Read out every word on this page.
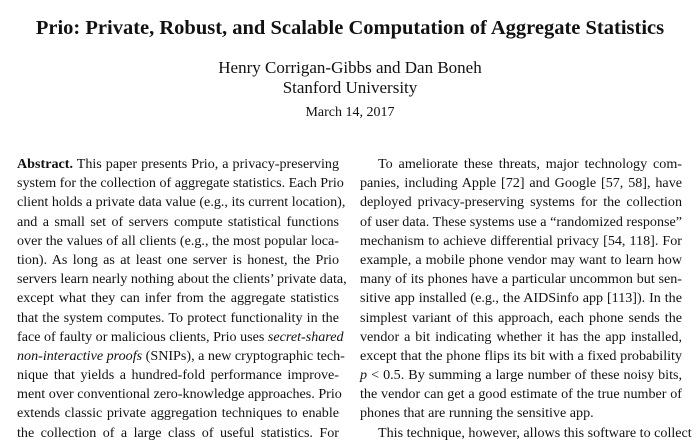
Prio: Private, Robust, and Scalable Computation of Aggregate Statistics
Henry Corrigan-Gibbs and Dan Boneh
Stanford University
March 14, 2017
Abstract. This paper presents Prio, a privacy-preserving
system for the collection of aggregate statistics. Each Prio
client holds a private data value (e.g., its current location),
and a small set of servers compute statistical functions
over the values of all clients (e.g., the most popular loca-
tion). As long as at least one server is honest, the Prio
servers learn nearly nothing about the clients’ private data,
except what they can infer from the aggregate statistics
that the system computes. To protect functionality in the
face of faulty or malicious clients, Prio uses secret-shared
non-interactive proofs (SNIPs), a new cryptographic tech-
nique that yields a hundred-fold performance improve-
ment over conventional zero-knowledge approaches. Prio
extends classic private aggregation techniques to enable
the collection of a large class of useful statistics. For
To ameliorate these threats, major technology com-
panies, including Apple [72] and Google [57, 58], have
deployed privacy-preserving systems for the collection
of user data. These systems use a “randomized response”
mechanism to achieve differential privacy [54, 118]. For
example, a mobile phone vendor may want to learn how
many of its phones have a particular uncommon but sen-
sitive app installed (e.g., the AIDSinfo app [113]). In the
simplest variant of this approach, each phone sends the
vendor a bit indicating whether it has the app installed,
except that the phone flips its bit with a fixed probability
p < 0.5. By summing a large number of these noisy bits,
the vendor can get a good estimate of the true number of
phones that are running the sensitive app.
This technique, however, allows this software to collect
